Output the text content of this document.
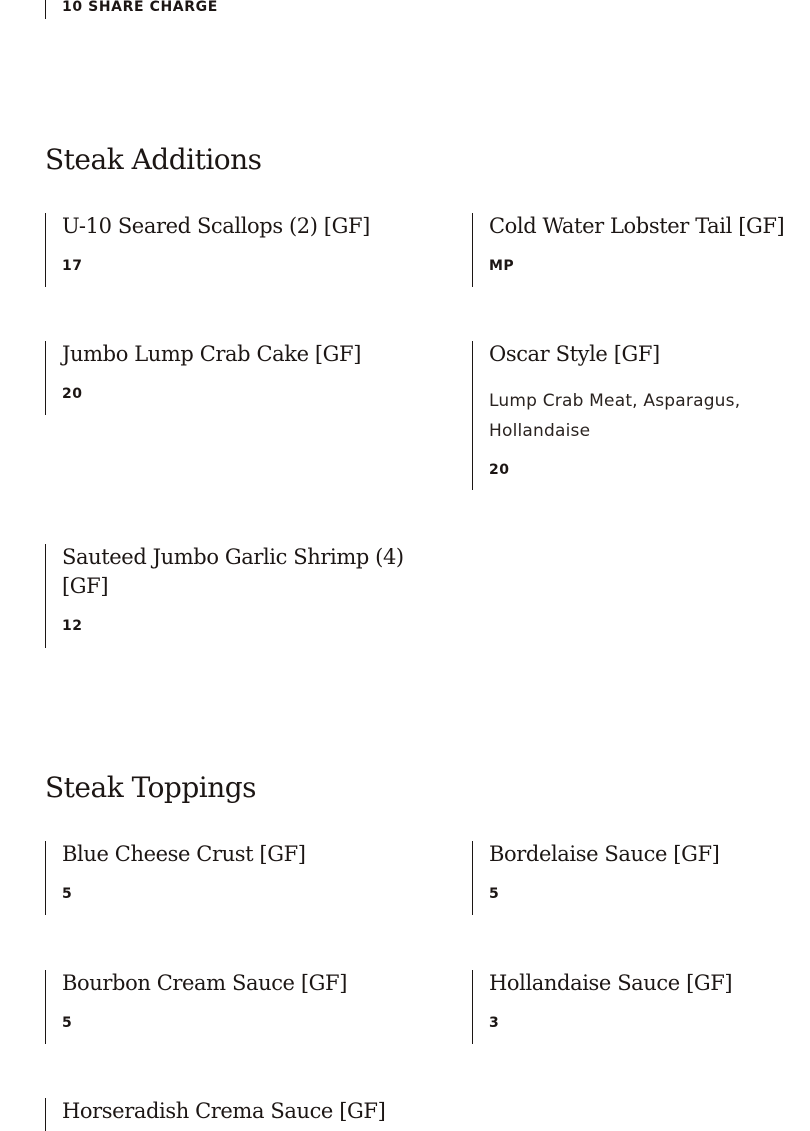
10 SHARE CHARGE
Steak Additions
U-10 Seared Scallops (2) [GF]

17

Cold Water Lobster Tail [GF]

MP

Jumbo Lump Crab Cake [GF]

20

Oscar Style [GF]

Lump Crab Meat, Asparagus, Hollandaise

20

Sauteed Jumbo Garlic Shrimp (4) [GF]

12

Steak Toppings
Blue Cheese Crust [GF]

5

Bordelaise Sauce [GF]

5

Bourbon Cream Sauce [GF]

5

Hollandaise Sauce [GF]

3

Horseradish Crema Sauce [GF]
